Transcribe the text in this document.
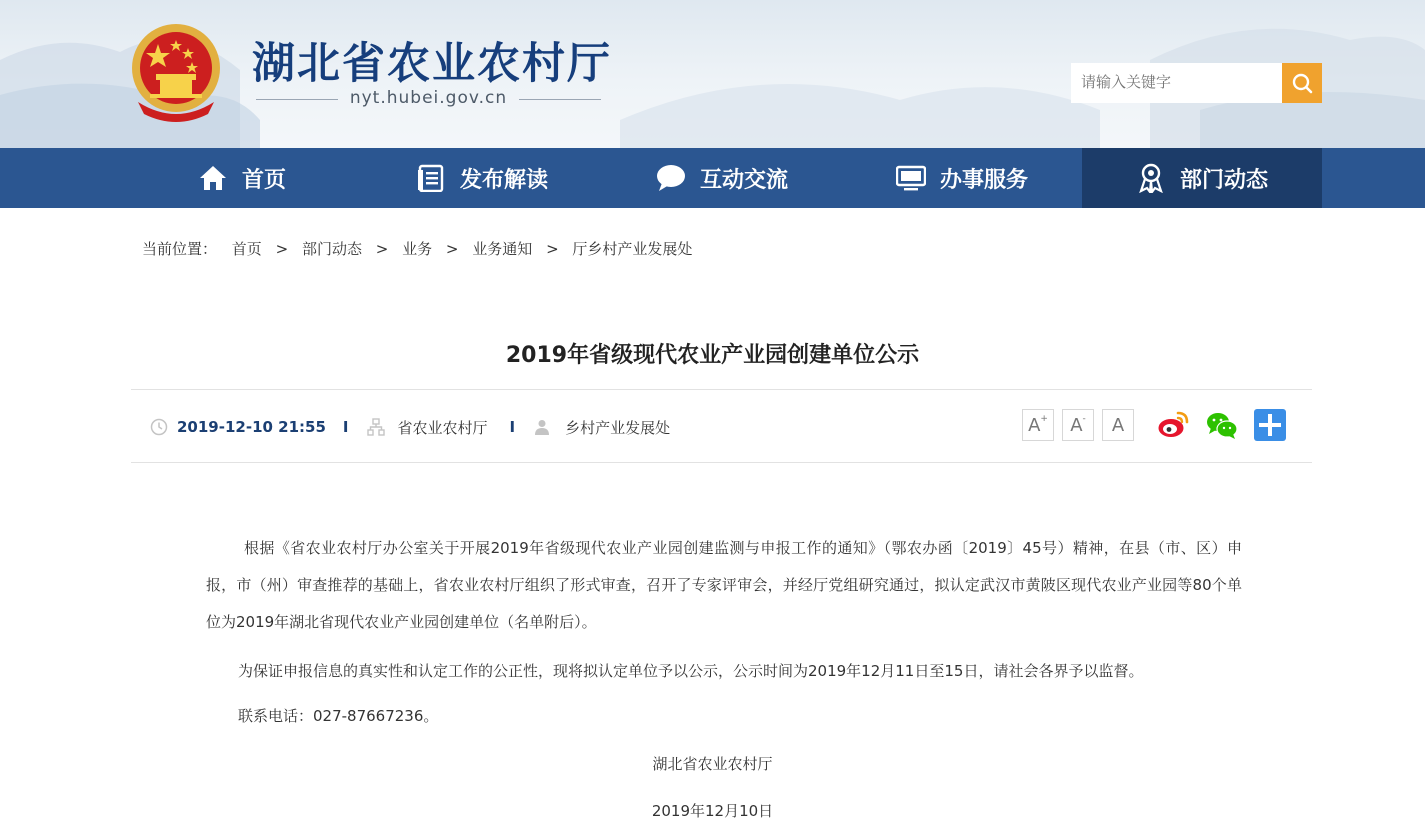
湖北省农业农村厅
nyt.hubei.gov.cn
请输入关键字
首页	发布解读	互动交流	办事服务	部门动态
当前位置： 首页 > 部门动态 > 业务 > 业务通知 > 厅乡村产业发展处
2019年省级现代农业产业园创建单位公示
2019-12-10 21:55 I	省农业农村厅 I	乡村产业发展处	A+	A-	A

根据《省农业农村厅办公室关于开展2019年省级现代农业产业园创建监测与申报工作的通知》（鄂农办函〔2019〕45号）精神，在县（市、区）申报，市（州）审查推荐的基础上，省农业农村厅组织了形式审查，召开了专家评审会，并经厅党组研究通过，拟认定武汉市黄陂区现代农业产业园等80个单位为2019年湖北省现代农业产业园创建单位（名单附后）。

为保证申报信息的真实性和认定工作的公正性，现将拟认定单位予以公示，公示时间为2019年12月11日至15日，请社会各界予以监督。

联系电话：027-87667236。

湖北省农业农村厅
2019年12月10日
